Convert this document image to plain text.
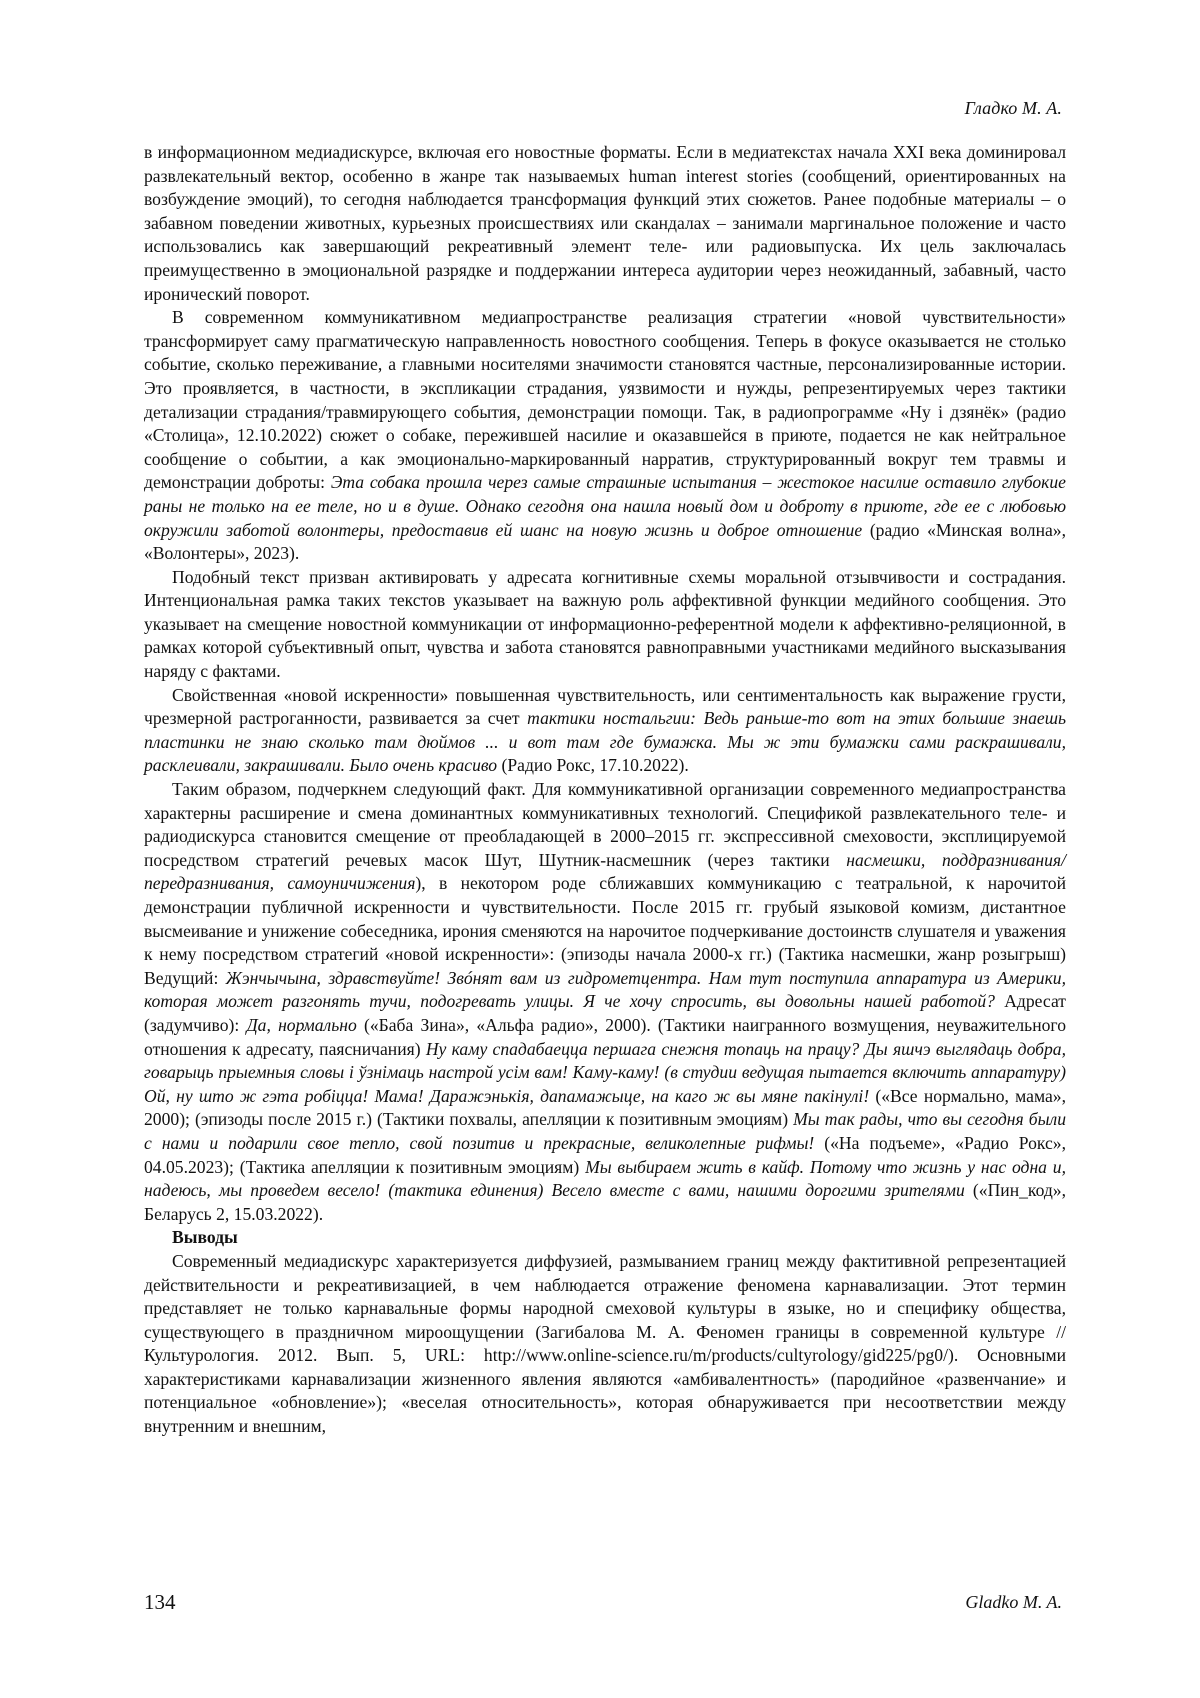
Гладко М. А.

в информационном медиадискурсе, включая его новостные форматы. Если в медиатекстах начала XXI века доминировал развлекательный вектор, особенно в жанре так называемых human interest stories (сообщений, ориентированных на возбуждение эмоций), то сегодня наблюдается трансформация функций этих сюжетов. Ранее подобные материалы – о забавном поведении животных, курьезных происшествиях или скандалах – занимали маргинальное положение и часто использовались как завершающий рекреативный элемент теле- или радиовыпуска. Их цель заключалась преимущественно в эмоциональной разрядке и поддержании интереса аудитории через неожиданный, забавный, часто иронический поворот.

В современном коммуникативном медиапространстве реализация стратегии «новой чувствительности» трансформирует саму прагматическую направленность новостного сообщения. Теперь в фокусе оказывается не столько событие, сколько переживание, а главными носителями значимости становятся частные, персонализированные истории. Это проявляется, в частности, в экспликации страдания, уязвимости и нужды, репрезентируемых через тактики детализации страдания/травмирующего события, демонстрации помощи. Так, в радиопрограмме «Ну і дзянёк» (радио «Столица», 12.10.2022) сюжет о собаке, пережившей насилие и оказавшейся в приюте, подается не как нейтральное сообщение о событии, а как эмоционально-маркированный нарратив, структурированный вокруг тем травмы и демонстрации доброты: Эта собака прошла через самые страшные испытания – жестокое насилие оставило глубокие раны не только на ее теле, но и в душе. Однако сегодня она нашла новый дом и доброту в приюте, где ее с любовью окружили заботой волонтеры, предоставив ей шанс на новую жизнь и доброе отношение (радио «Минская волна», «Волонтеры», 2023).

Подобный текст призван активировать у адресата когнитивные схемы моральной отзывчивости и сострадания. Интенциональная рамка таких текстов указывает на важную роль аффективной функции медийного сообщения. Это указывает на смещение новостной коммуникации от информационно-референтной модели к аффективно-реляционной, в рамках которой субъективный опыт, чувства и забота становятся равноправными участниками медийного высказывания наряду с фактами.

Свойственная «новой искренности» повышенная чувствительность, или сентиментальность как выражение грусти, чрезмерной растроганности, развивается за счет тактики ностальгии: Ведь раньше-то вот на этих большие знаешь пластинки не знаю сколько там дюймов ... и вот там где бумажка. Мы ж эти бумажки сами раскрашивали, расклеивали, закрашивали. Было очень красиво (Радио Рокс, 17.10.2022).

Таким образом, подчеркнем следующий факт. Для коммуникативной организации современного медиапространства характерны расширение и смена доминантных коммуникативных технологий. Спецификой развлекательного теле- и радиодискурса становится смещение от преобладающей в 2000–2015 гг. экспрессивной смеховости, эксплицируемой посредством стратегий речевых масок Шут, Шутник-насмешник (через тактики насмешки, поддразнивания/передразнивания, самоуничижения), в некотором роде сближавших коммуникацию с театральной, к нарочитой демонстрации публичной искренности и чувствительности. После 2015 гг. грубый языковой комизм, дистантное высмеивание и унижение собеседника, ирония сменяются на нарочитое подчеркивание достоинств слушателя и уважения к нему посредством стратегий «новой искренности»: (эпизоды начала 2000-х гг.) (Тактика насмешки, жанр розыгрыш) Ведущий: Жэнчычына, здравствуйте! Звóнят вам из гидрометцентра. Нам тут поступила аппаратура из Америки, которая может разгонять тучи, подогревать улицы. Я че хочу спросить, вы довольны нашей работой? Адресат (задумчиво): Да, нормально («Баба Зина», «Альфа радио», 2000). (Тактики наигранного возмущения, неуважительного отношения к адресату, паясничания) Ну каму спадабаецца першага снежня топаць на працу? Ды яшчэ выглядаць добра, говарыць прыемныя словы і ўзнімаць настрой усім вам! Каму-каму! (в студии ведущая пытается включить аппаратуру) Ой, ну што ж гэта робіцца! Мама! Даражэнькія, дапамажыце, на каго ж вы мяне пакінулі! («Все нормально, мама», 2000); (эпизоды после 2015 г.) (Тактики похвалы, апелляции к позитивным эмоциям) Мы так рады, что вы сегодня были с нами и подарили свое тепло, свой позитив и прекрасные, великолепные рифмы! («На подъеме», «Радио Рокс», 04.05.2023); (Тактика апелляции к позитивным эмоциям) Мы выбираем жить в кайф. Потому что жизнь у нас одна и, надеюсь, мы проведем весело! (тактика единения) Весело вместе с вами, нашими дорогими зрителями («Пин_код», Беларусь 2, 15.03.2022).

Выводы

Современный медиадискурс характеризуется диффузией, размыванием границ между фактитивной репрезентацией действительности и рекреативизацией, в чем наблюдается отражение феномена карнавализации. Этот термин представляет не только карнавальные формы народной смеховой культуры в языке, но и специфику общества, существующего в праздничном мироощущении (Загибалова М. А. Феномен границы в современной культуре // Культурология. 2012. Вып. 5, URL: http://www.online-science.ru/m/products/cultyrology/gid225/pg0/). Основными характеристиками карнавализации жизненного явления являются «амбивалентность» (пародийное «развенчание» и потенциальное «обновление»); «веселая относительность», которая обнаруживается при несоответствии между внутренним и внешним,

134	Gladko M. A.
